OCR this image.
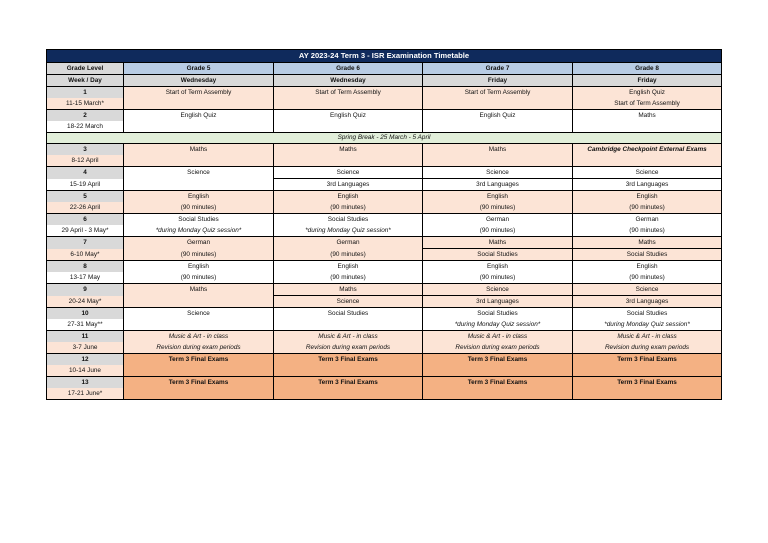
AY 2023-24 Term 3 - ISR Examination Timetable				
Grade Level	Grade 5	Grade 6	Grade 7	Grade 8
Week / Day	Wednesday	Wednesday	Friday	Friday
1	Start of Term Assembly	Start of Term Assembly	Start of Term Assembly	English Quiz
11-15 March*				Start of Term Assembly
2	English Quiz	English Quiz	English Quiz	Maths
18-22 March				
Spring Break - 25 March - 5 April				
3	Maths	Maths	Maths	Cambridge Checkpoint External Exams
8-12 April				
4	Science	Science	Science	Science
15-19 April		3rd Languages	3rd Languages	3rd Languages
5	English	English	English	English
22-26 April	(90 minutes)	(90 minutes)	(90 minutes)	(90 minutes)
6	Social Studies	Social Studies	German	German
29 April - 3 May*	*during Monday Quiz session*	*during Monday Quiz session*	(90 minutes)	(90 minutes)
7	German	German	Maths	Maths
6-10 May*	(90 minutes)	(90 minutes)	Social Studies	Social Studies
8	English	English	English	English
13-17 May	(90 minutes)	(90 minutes)	(90 minutes)	(90 minutes)
9	Maths	Maths	Science	Science
20-24 May*		Science	3rd Languages	3rd Languages
10	Science	Social Studies	Social Studies	Social Studies
27-31 May**			*during Monday Quiz session*	*during Monday Quiz session*
11	Music & Art - in class	Music & Art - in class	Music & Art - in class	Music & Art - in class
3-7 June	Revision during exam periods	Revision during exam periods	Revision during exam periods	Revision during exam periods
12	Term 3 Final Exams	Term 3 Final Exams	Term 3 Final Exams	Term 3 Final Exams
10-14 June				
13	Term 3 Final Exams	Term 3 Final Exams	Term 3 Final Exams	Term 3 Final Exams
17-21 June*				
